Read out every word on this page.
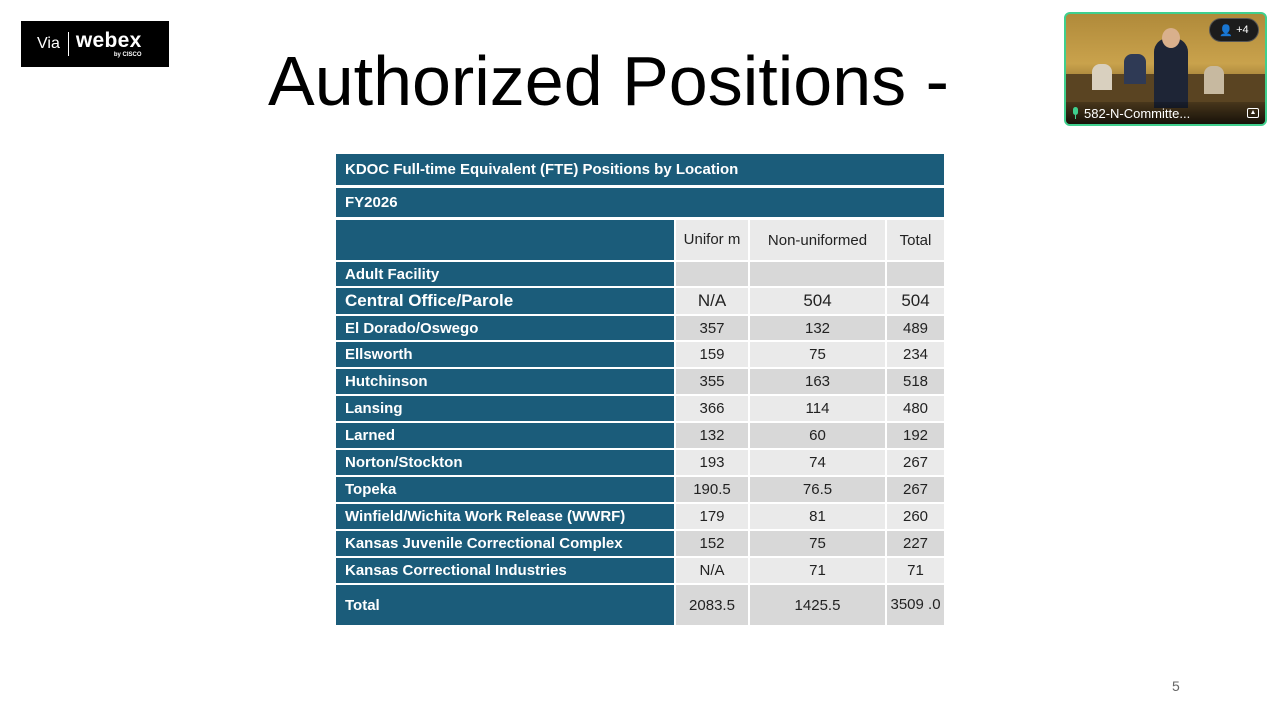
Via webex
by CISCO Authorized Positions -
👤 +4
582-N-Committe...
KDOC Full-time Equivalent (FTE) Positions by Location			
FY2026			
	Unifor m	Non-uniformed	Total
Adult Facility			
Central Office/Parole	N/A	504	504
El Dorado/Oswego	357	132	489
Ellsworth	159	75	234
Hutchinson	355	163	518
Lansing	366	114	480
Larned	132	60	192
Norton/Stockton	193	74	267
Topeka	190.5	76.5	267
Winfield/Wichita Work Release (WWRF)	179	81	260
Kansas Juvenile Correctional Complex	152	75	227
Kansas Correctional Industries	N/A	71	71
Total	2083.5	1425.5	3509 .0
5
